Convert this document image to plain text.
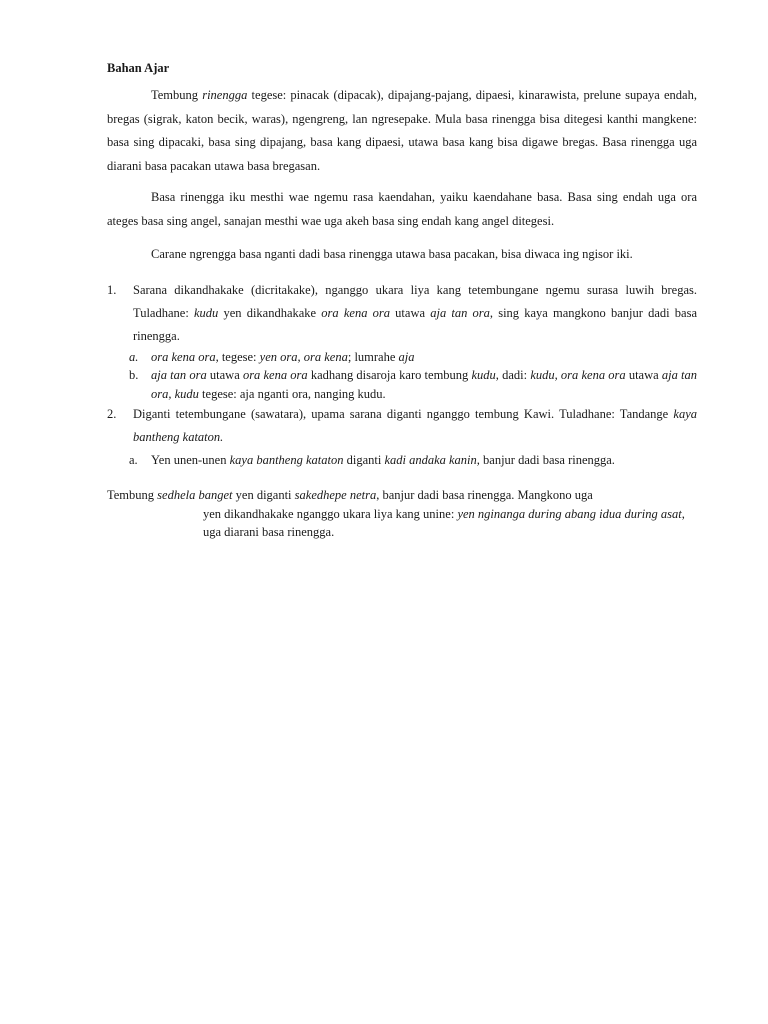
Bahan Ajar

Tembung rinengga tegese: pinacak (dipacak), dipajang-pajang, dipaesi, kinarawista, prelune supaya endah, bregas (sigrak, katon becik, waras), ngengreng, lan ngresepake. Mula basa rinengga bisa ditegesi kanthi mangkene: basa sing dipacaki, basa sing dipajang, basa kang dipaesi, utawa basa kang bisa digawe bregas. Basa rinengga uga diarani basa pacakan utawa basa bregasan.

Basa rinengga iku mesthi wae ngemu rasa kaendahan, yaiku kaendahane basa. Basa sing endah uga ora ateges basa sing angel, sanajan mesthi wae uga akeh basa sing endah kang angel ditegesi.

Carane ngrengga basa nganti dadi basa rinengga utawa basa pacakan, bisa diwaca ing ngisor iki.

1. Sarana dikandhakake (dicritakake), nganggo ukara liya kang tetembungane ngemu surasa luwih bregas. Tuladhane: kudu yen dikandhakake ora kena ora utawa aja tan ora, sing kaya mangkono banjur dadi basa rinengga.
a. ora kena ora, tegese: yen ora, ora kena; lumrahe aja
b. aja tan ora utawa ora kena ora kadhang disaroja karo tembung kudu, dadi: kudu, ora kena ora utawa aja tan ora, kudu tegese: aja nganti ora, nanging kudu.
2. Diganti tetembungane (sawatara), upama sarana diganti nganggo tembung Kawi. Tuladhane: Tandange kaya bantheng kataton.
a. Yen unen-unen kaya bantheng kataton diganti kadi andaka kanin, banjur dadi basa rinengga.
Tembung sedhela banget yen diganti sakedhepe netra, banjur dadi basa rinengga. Mangkono uga
yen dikandhakake nganggo ukara liya kang unine: yen nginanga during abang idua during asat, uga diarani basa rinengga.
